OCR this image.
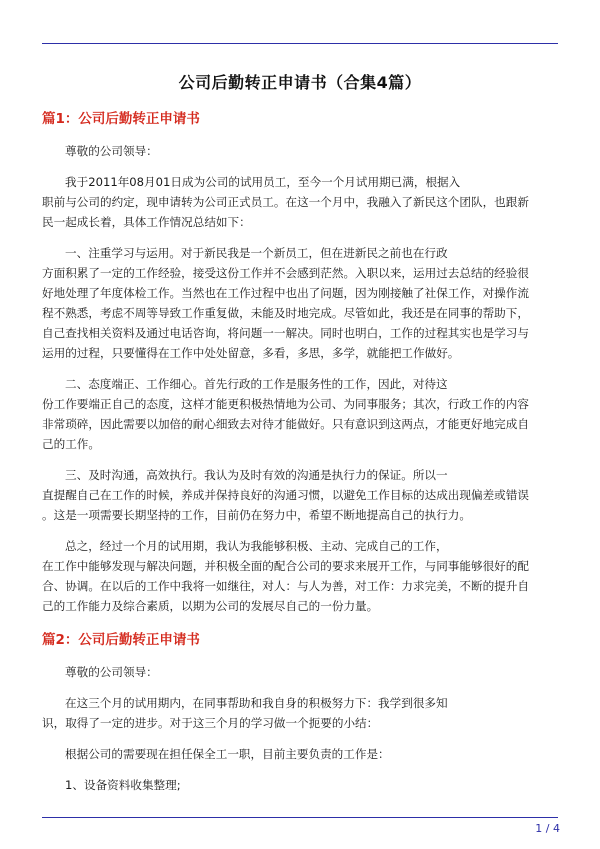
公司后勤转正申请书（合集4篇）
篇1：公司后勤转正申请书
尊敬的公司领导：
我于2011年08月01日成为公司的试用员工，至今一个月试用期已满，根据入
职前与公司的约定，现申请转为公司正式员工。在这一个月中，我融入了新民这个团队，也跟新
民一起成长着，具体工作情况总结如下：
一、注重学习与运用。对于新民我是一个新员工，但在进新民之前也在行政
方面积累了一定的工作经验，接受这份工作并不会感到茫然。入职以来，运用过去总结的经验很
好地处理了年度体检工作。当然也在工作过程中也出了问题，因为刚接触了社保工作，对操作流
程不熟悉，考虑不周等导致工作重复做，未能及时地完成。尽管如此，我还是在同事的帮助下，
自己查找相关资料及通过电话咨询，将问题一一解决。同时也明白，工作的过程其实也是学习与
运用的过程，只要懂得在工作中处处留意，多看，多思，多学，就能把工作做好。
二、态度端正、工作细心。首先行政的工作是服务性的工作，因此，对待这
份工作要端正自己的态度，这样才能更积极热情地为公司、为同事服务；其次，行政工作的内容
非常琐碎，因此需要以加倍的耐心细致去对待才能做好。只有意识到这两点，才能更好地完成自
己的工作。
三、及时沟通，高效执行。我认为及时有效的沟通是执行力的保证。所以一
直提醒自己在工作的时候，养成并保持良好的沟通习惯，以避免工作目标的达成出现偏差或错误
。这是一项需要长期坚持的工作，目前仍在努力中，希望不断地提高自己的执行力。
总之，经过一个月的试用期，我认为我能够积极、主动、完成自己的工作，
在工作中能够发现与解决问题，并积极全面的配合公司的要求来展开工作，与同事能够很好的配
合、协调。在以后的工作中我将一如继往，对人：与人为善，对工作：力求完美，不断的提升自
己的工作能力及综合素质，以期为公司的发展尽自己的一份力量。
篇2：公司后勤转正申请书
尊敬的公司领导：
在这三个月的试用期内，在同事帮助和我自身的积极努力下：我学到很多知
识，取得了一定的进步。对于这三个月的学习做一个扼要的小结：
根据公司的需要现在担任保全工一职，目前主要负责的工作是：
1、设备资料收集整理;
1 / 4
